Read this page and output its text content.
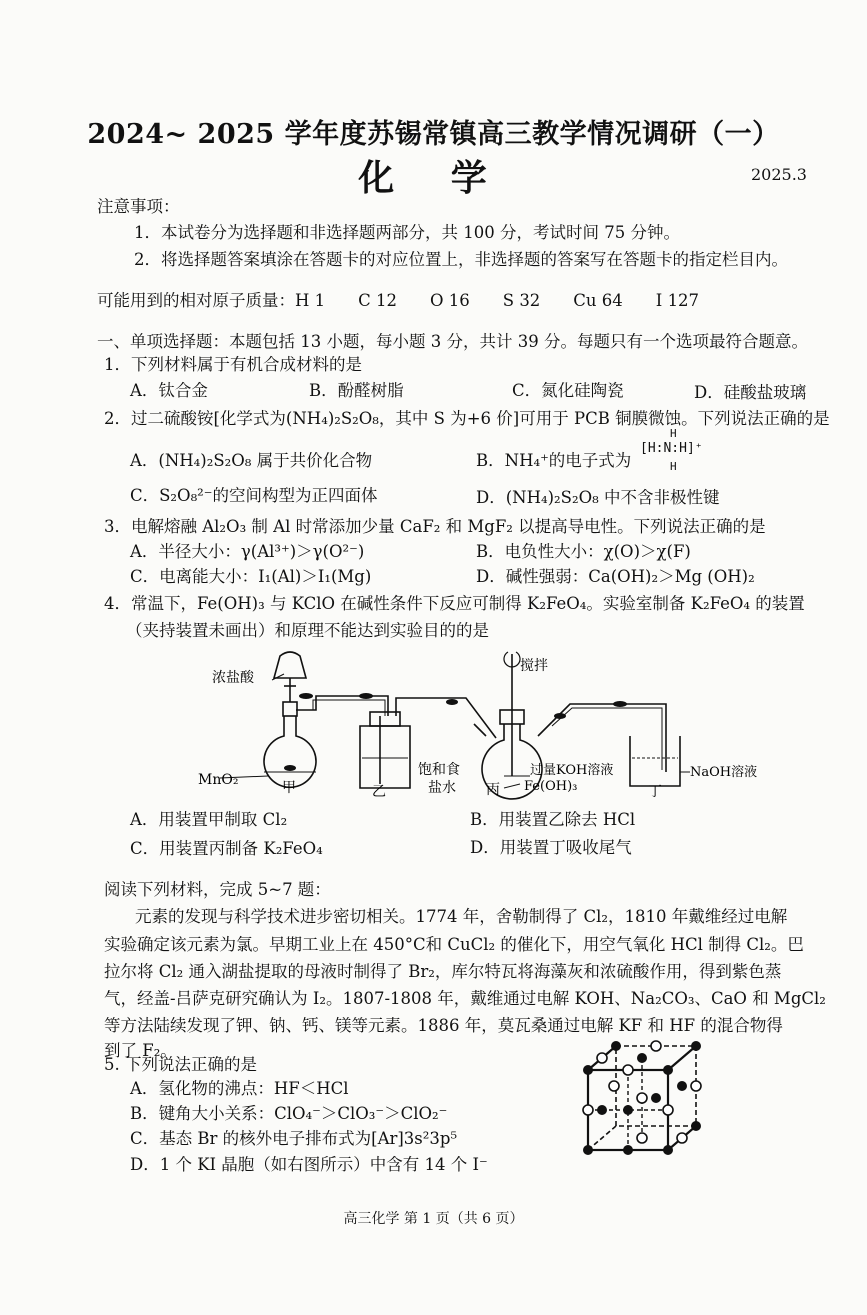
2024~ 2025 学年度苏锡常镇高三教学情况调研（一）
化 学	2025.3
注意事项：
1．本试卷分为选择题和非选择题两部分，共 100 分，考试时间 75 分钟。
2．将选择题答案填涂在答题卡的对应位置上，非选择题的答案写在答题卡的指定栏目内。
可能用到的相对原子质量：H 1　　C 12　　O 16　　S 32　　Cu 64　　I 127
一、单项选择题：本题包括 13 小题，每小题 3 分，共计 39 分。每题只有一个选项最符合题意。
1．下列材料属于有机合成材料的是
A．钛合金	B．酚醛树脂	C．氮化硅陶瓷	D．硅酸盐玻璃
2．过二硫酸铵[化学式为(NH₄)₂S₂O₈，其中 S 为+6 价]可用于 PCB 铜膜微蚀。下列说法正确的是
A．(NH₄)₂S₂O₈ 属于共价化合物	B．NH₄⁺的电子式为
H
[H:N:H]⁺
H
C．S₂O₈²⁻的空间构型为正四面体	D．(NH₄)₂S₂O₈ 中不含非极性键
3．电解熔融 Al₂O₃ 制 Al 时常添加少量 CaF₂ 和 MgF₂ 以提高导电性。下列说法正确的是
A．半径大小：γ(Al³⁺)＞γ(O²⁻)	B．电负性大小：χ(O)＞χ(F)
C．电离能大小：I₁(Al)＞I₁(Mg)	D．碱性强弱：Ca(OH)₂＞Mg (OH)₂
4．常温下，Fe(OH)₃ 与 KClO 在碱性条件下反应可制得 K₂FeO₄。实验室制备 K₂FeO₄ 的装置
（夹持装置未画出）和原理不能达到实验目的的是
浓盐酸
MnO₂
搅拌
饱和食
盐水
过量KOH溶液
Fe(OH)₃
NaOH溶液
甲	乙	丙	丁
A．用装置甲制取 Cl₂	B．用装置乙除去 HCl
C．用装置丙制备 K₂FeO₄	D．用装置丁吸收尾气
阅读下列材料，完成 5~7 题：
元素的发现与科学技术进步密切相关。1774 年，舍勒制得了 Cl₂，1810 年戴维经过电解
实验确定该元素为氯。早期工业上在 450°C和 CuCl₂ 的催化下，用空气氧化 HCl 制得 Cl₂。巴
拉尔将 Cl₂ 通入湖盐提取的母液时制得了 Br₂，库尔特瓦将海藻灰和浓硫酸作用，得到紫色蒸
气，经盖-吕萨克研究确认为 I₂。1807-1808 年，戴维通过电解 KOH、Na₂CO₃、CaO 和 MgCl₂
等方法陆续发现了钾、钠、钙、镁等元素。1886 年，莫瓦桑通过电解 KF 和 HF 的混合物得
到了 F₂。
5. 下列说法正确的是
A．氢化物的沸点：HF＜HCl
B．键角大小关系：ClO₄⁻＞ClO₃⁻＞ClO₂⁻
C．基态 Br 的核外电子排布式为[Ar]3s²3p⁵
D．1 个 KI 晶胞（如右图所示）中含有 14 个 I⁻
高三化学 第 1 页（共 6 页）
